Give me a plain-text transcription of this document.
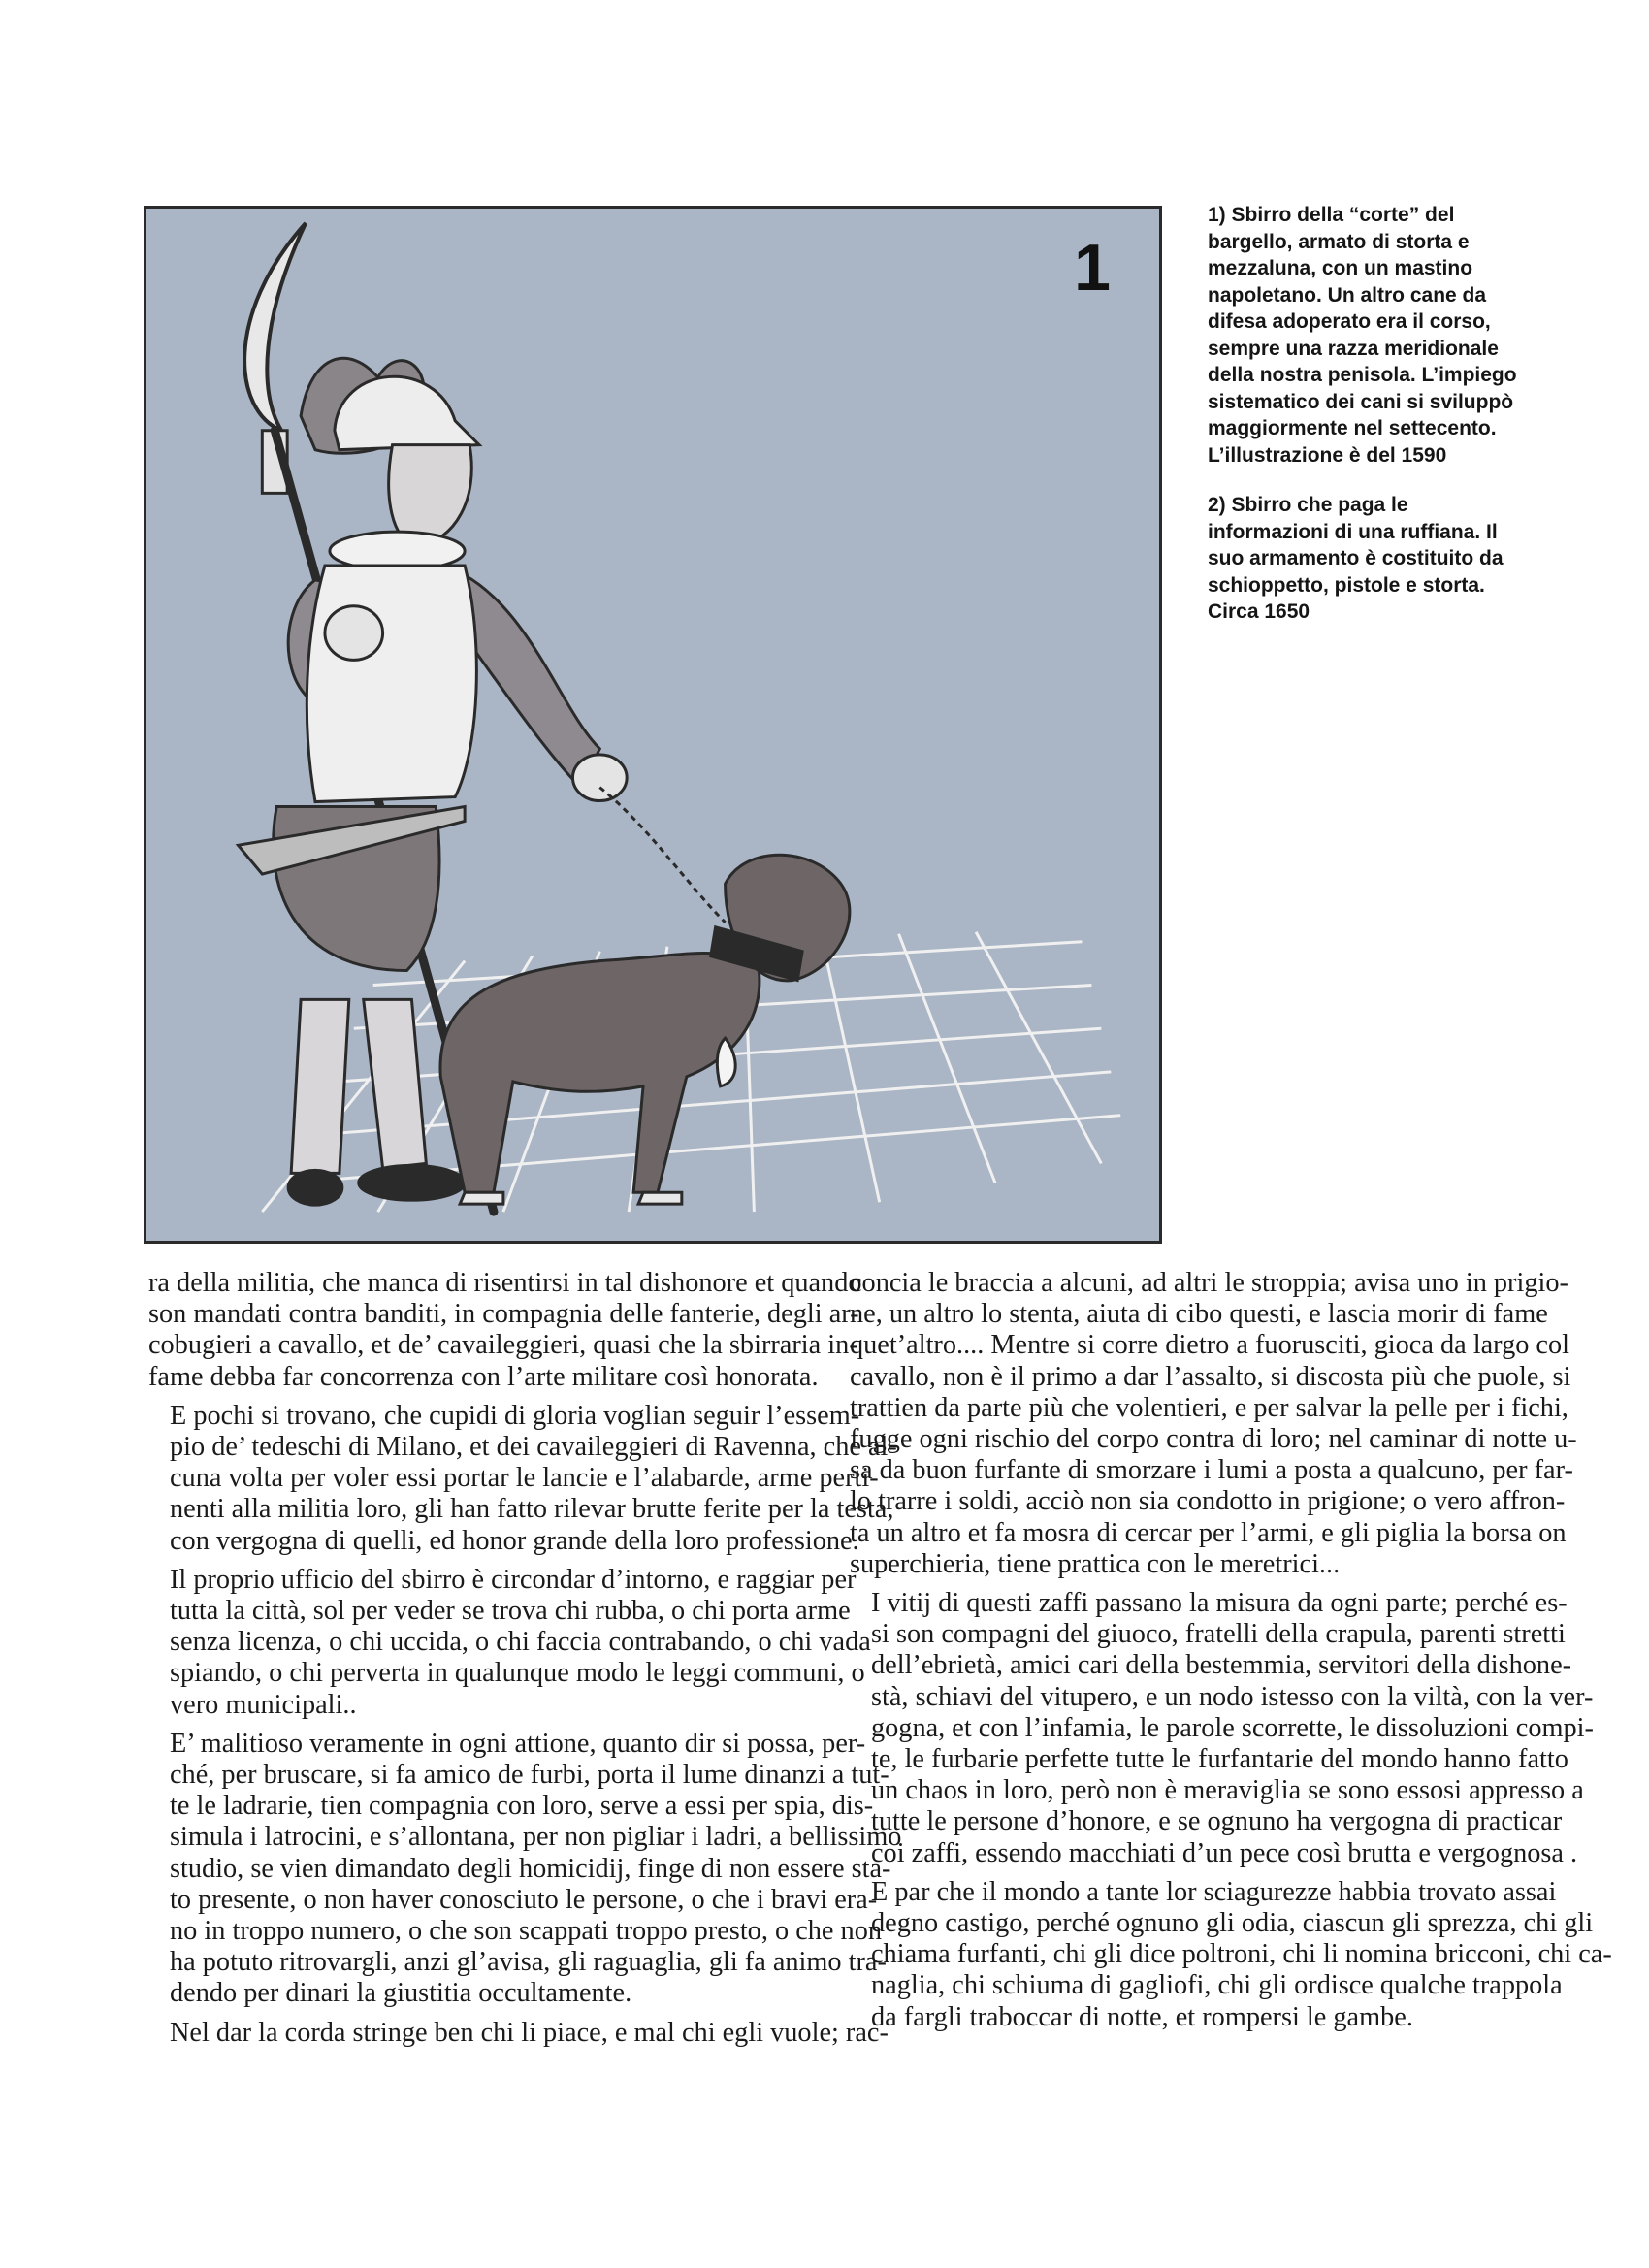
1

1) Sbirro della “corte” del bargello, armato di storta e mezzaluna, con un mastino napoletano. Un altro cane da difesa adoperato era il corso, sempre una razza meridionale della nostra penisola. L’impiego sistematico dei cani si sviluppò maggiormente nel settecento. L’illustrazione è del 1590

2) Sbirro che paga le informazioni di una ruffiana. Il suo armamento è costituito da schioppetto, pistole e storta. Circa 1650

ra della militia, che manca di risentirsi in tal dishonore et quando
son mandati contra banditi, in compagnia delle fanterie, degli ar-
cobugieri a cavallo, et de’ cavaileggieri, quasi che la sbirraria in-
fame debba far concorrenza con l’arte militare così honorata.

E pochi si trovano, che cupidi di gloria voglian seguir l’essem-
pio de’ tedeschi di Milano, et dei cavaileggieri di Ravenna, che al-
cuna volta per voler essi portar le lancie e l’alabarde, arme perti-
nenti alla militia loro, gli han fatto rilevar brutte ferite per la testa,
con vergogna di quelli, ed honor grande della loro professione.

Il proprio ufficio del sbirro è circondar d’intorno, e raggiar per
tutta la città, sol per veder se trova chi rubba, o chi porta arme
senza licenza, o chi uccida, o chi faccia contrabando, o chi vada
spiando, o chi perverta in qualunque modo le leggi communi, o
vero municipali..

E’ malitioso veramente in ogni attione, quanto dir si possa, per-
ché, per bruscare, si fa amico de furbi, porta il lume dinanzi a tut-
te le ladrarie, tien compagnia con loro, serve a essi per spia, dis-
simula i latrocini, e s’allontana, per non pigliar i ladri, a bellissimo
studio, se vien dimandato degli homicidij, finge di non essere sta-
to presente, o non haver conosciuto le persone, o che i bravi era-
no in troppo numero, o che son scappati troppo presto, o che non
ha potuto ritrovargli, anzi gl’avisa, gli raguaglia, gli fa animo tra-
dendo per dinari la giustitia occultamente.

Nel dar la corda stringe ben chi li piace, e mal chi egli vuole; rac-

concia le braccia a alcuni, ad altri le stroppia; avisa uno in prigio-
ne, un altro lo stenta, aiuta di cibo questi, e lascia morir di fame
quet’altro.... Mentre si corre dietro a fuorusciti, gioca da largo col
cavallo, non è il primo a dar l’assalto, si discosta più che puole, si
trattien da parte più che volentieri, e per salvar la pelle per i fichi,
fugge ogni rischio del corpo contra di loro; nel caminar di notte u-
sa da buon furfante di smorzare i lumi a posta a qualcuno, per far-
lo trarre i soldi, acciò non sia condotto in prigione; o vero affron-
ta un altro et fa mosra di cercar per l’armi, e gli piglia la borsa on
superchieria, tiene prattica con le meretrici...

I vitij di questi zaffi passano la misura da ogni parte; perché es-
si son compagni del giuoco, fratelli della crapula, parenti stretti
dell’ebrietà, amici cari della bestemmia, servitori della dishone-
stà, schiavi del vitupero, e un nodo istesso con la viltà, con la ver-
gogna, et con l’infamia, le parole scorrette, le dissoluzioni compi-
te, le furbarie perfette tutte le furfantarie del mondo hanno fatto
un chaos in loro, però non è meraviglia se sono essosi appresso a
tutte le persone d’honore, e se ognuno ha vergogna di practicar
coi zaffi, essendo macchiati d’un pece così brutta e vergognosa .

E par che il mondo a tante lor sciagurezze habbia trovato assai
degno castigo, perché ognuno gli odia, ciascun gli sprezza, chi gli
chiama furfanti, chi gli dice poltroni, chi li nomina bricconi, chi ca-
naglia, chi schiuma di gagliofi, chi gli ordisce qualche trappola
da fargli traboccar di notte, et rompersi le gambe.
